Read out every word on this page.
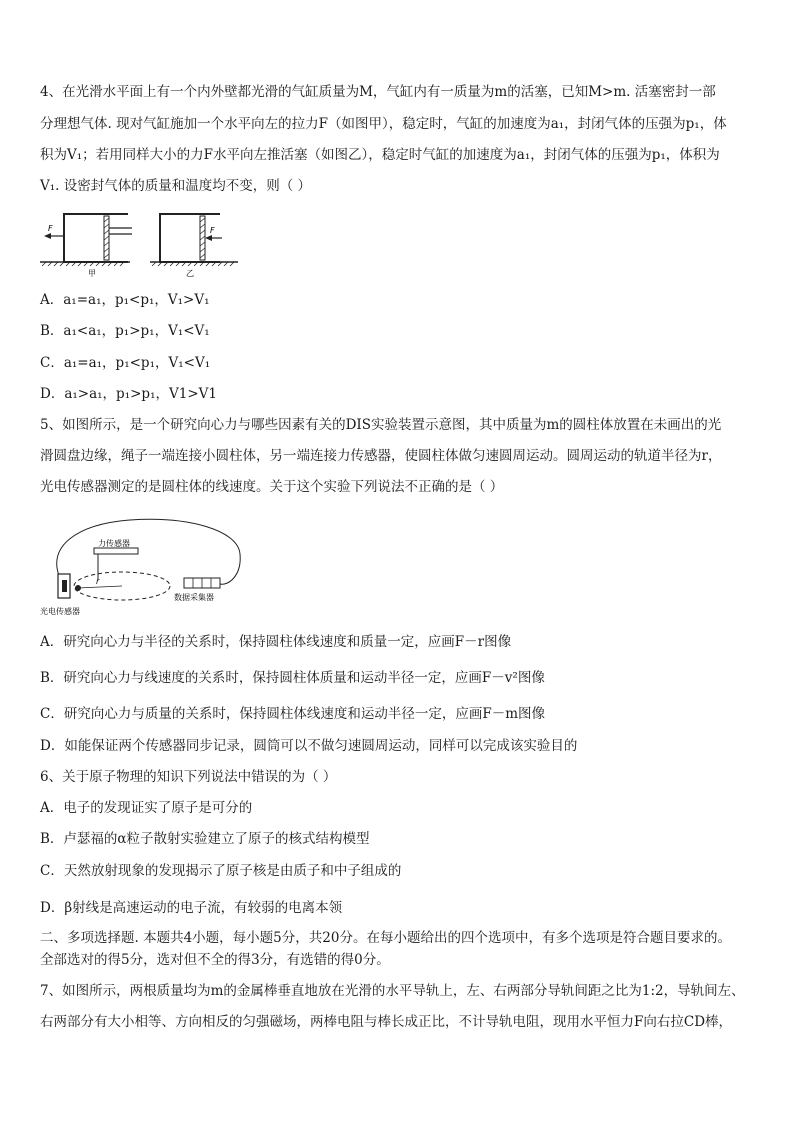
4、在光滑水平面上有一个内外壁都光滑的气缸质量为M，气缸内有一质量为m的活塞，已知M>m. 活塞密封一部
分理想气体. 现对气缸施加一个水平向左的拉力F（如图甲），稳定时，气缸的加速度为a₁，封闭气体的压强为p₁，体
积为V₁；若用同样大小的力F水平向左推活塞（如图乙），稳定时气缸的加速度为a₁，封闭气体的压强为p₁，体积为
V₁. 设密封气体的质量和温度均不变，则（ ）
F
甲
F
乙
A．a₁=a₁，p₁<p₁，V₁>V₁
B．a₁<a₁，p₁>p₁，V₁<V₁
C．a₁=a₁，p₁<p₁，V₁<V₁
D．a₁>a₁，p₁>p₁，V1>V1
5、如图所示，是一个研究向心力与哪些因素有关的DIS实验装置示意图，其中质量为m的圆柱体放置在未画出的光
滑圆盘边缘，绳子一端连接小圆柱体，另一端连接力传感器，使圆柱体做匀速圆周运动。圆周运动的轨道半径为r，
光电传感器测定的是圆柱体的线速度。关于这个实验下列说法不正确的是（ ）
力传感器
r
光电传感器
数据采集器
A．研究向心力与半径的关系时，保持圆柱体线速度和质量一定，应画F－r图像
B．研究向心力与线速度的关系时，保持圆柱体质量和运动半径一定，应画F－v²图像
C．研究向心力与质量的关系时，保持圆柱体线速度和运动半径一定，应画F－m图像
D．如能保证两个传感器同步记录，圆筒可以不做匀速圆周运动，同样可以完成该实验目的
6、关于原子物理的知识下列说法中错误的为（ ）
A．电子的发现证实了原子是可分的
B．卢瑟福的α粒子散射实验建立了原子的核式结构模型
C．天然放射现象的发现揭示了原子核是由质子和中子组成的
D．β射线是高速运动的电子流，有较弱的电离本领
二、多项选择题. 本题共4小题，每小题5分，共20分。在每小题给出的四个选项中，有多个选项是符合题目要求的。
全部选对的得5分，选对但不全的得3分，有选错的得0分。
7、如图所示，两根质量均为m的金属棒垂直地放在光滑的水平导轨上，左、右两部分导轨间距之比为1:2，导轨间左、
右两部分有大小相等、方向相反的匀强磁场，两棒电阻与棒长成正比，不计导轨电阻，现用水平恒力F向右拉CD棒，
